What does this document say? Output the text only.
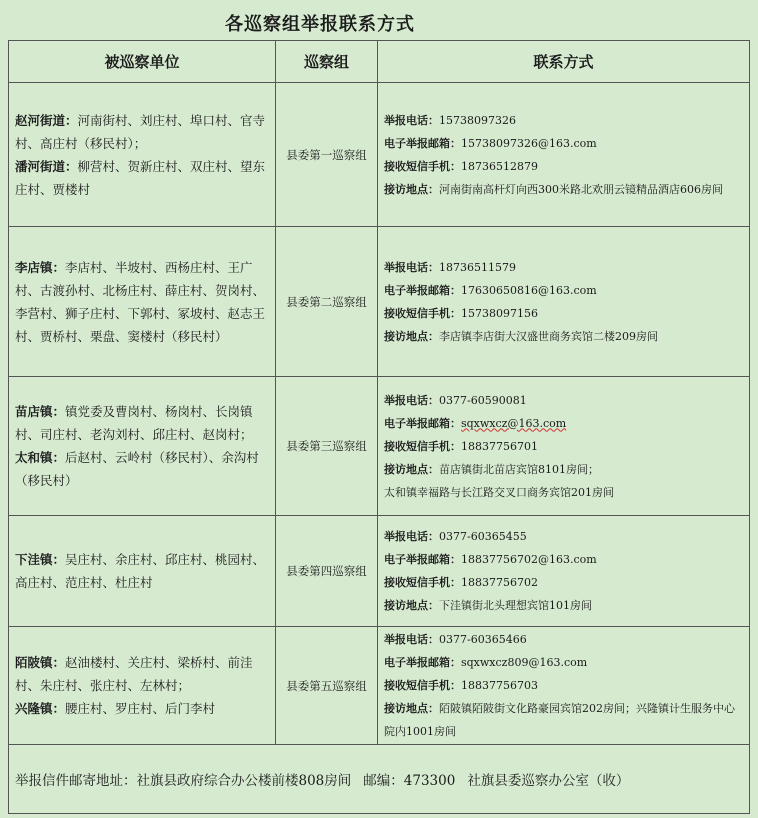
各巡察组举报联系方式
被巡察单位	巡察组	联系方式

赵河街道：河南街村、刘庄村、埠口村、官寺村、高庄村（移民村）；
潘河街道：柳营村、贺新庄村、双庄村、望东庄村、贾楼村	县委第一巡察组	举报电话：15738097326
电子举报邮箱：15738097326@163.com
接收短信手机：18736512879
接访地点：河南街南高杆灯向西300米路北欢朋云镜精品酒店606房间

李店镇：李店村、半坡村、西杨庄村、王广村、古渡孙村、北杨庄村、薛庄村、贺岗村、李营村、狮子庄村、下郭村、冢坡村、赵志王村、贾桥村、栗盘、窦楼村（移民村）	县委第二巡察组	举报电话：18736511579
电子举报邮箱：17630650816@163.com
接收短信手机：15738097156
接访地点：李店镇李店街大汉盛世商务宾馆二楼209房间

苗店镇：镇党委及曹岗村、杨岗村、长岗镇村、司庄村、老沟刘村、邱庄村、赵岗村；
太和镇：后赵村、云岭村（移民村）、余沟村（移民村）	县委第三巡察组	举报电话：0377-60590081
电子举报邮箱：sqxwxcz@163.com
接收短信手机：18837756701
接访地点：苗店镇街北苗店宾馆8101房间；
太和镇幸福路与长江路交叉口商务宾馆201房间

下洼镇：吴庄村、余庄村、邱庄村、桃园村、高庄村、范庄村、杜庄村	县委第四巡察组	举报电话：0377-60365455
电子举报邮箱：18837756702@163.com
接收短信手机：18837756702
接访地点：下洼镇街北头理想宾馆101房间

陌陂镇：赵油楼村、关庄村、梁桥村、前洼村、朱庄村、张庄村、左林村；
兴隆镇：腰庄村、罗庄村、后门李村	县委第五巡察组	举报电话：0377-60365466
电子举报邮箱：sqxwxcz809@163.com
接收短信手机：18837756703
接访地点：陌陂镇陌陂街文化路豪园宾馆202房间；兴隆镇计生服务中心院内1001房间

举报信件邮寄地址：社旗县政府综合办公楼前楼808房间 邮编：473300 社旗县委巡察办公室（收）		
